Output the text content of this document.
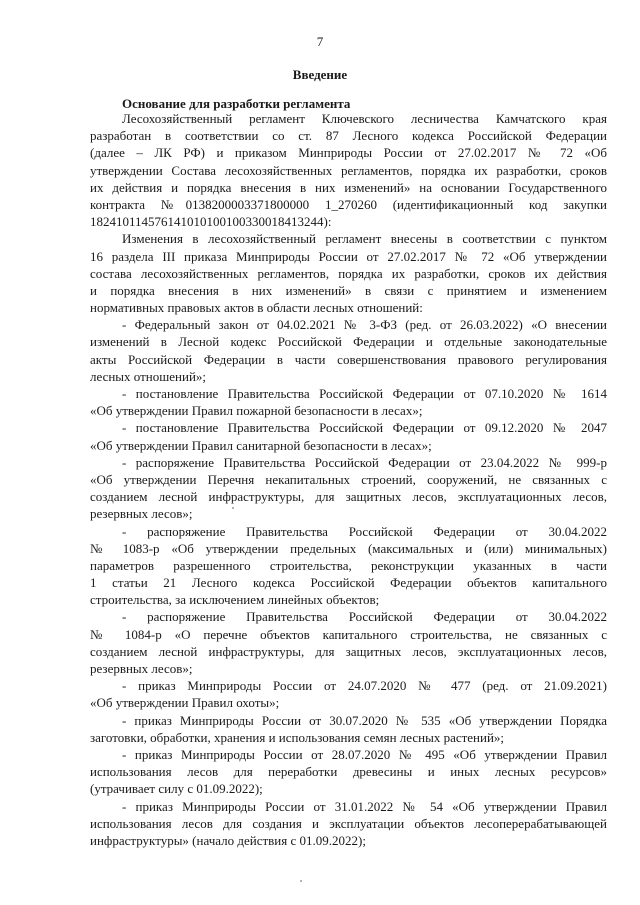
7
Введение
Основание для разработки регламента
Лесохозяйственный регламент Ключевского лесничества Камчатского края
разработан в соответствии со ст. 87 Лесного кодекса Российской Федерации
(далее – ЛК РФ) и приказом Минприроды России от 27.02.2017 № 72 «Об
утверждении Состава лесохозяйственных регламентов, порядка их разработки, сроков
их действия и порядка внесения в них изменений» на основании Государственного
контракта №0138200003371800000 1_270260 (идентификационный код закупки
182410114576141010100100330018413244):
Изменения в лесохозяйственный регламент внесены в соответствии с пунктом
16 раздела III приказа Минприроды России от 27.02.2017 № 72 «Об утверждении
состава лесохозяйственных регламентов, порядка их разработки, сроков их действия
и порядка внесения в них изменений» в связи с принятием и изменением
нормативных правовых актов в области лесных отношений:
- Федеральный закон от 04.02.2021 № 3-ФЗ (ред. от 26.03.2022) «О внесении
изменений в Лесной кодекс Российской Федерации и отдельные законодательные
акты Российской Федерации в части совершенствования правового регулирования
лесных отношений»;
- постановление Правительства Российской Федерации от 07.10.2020 № 1614
«Об утверждении Правил пожарной безопасности в лесах»;
- постановление Правительства Российской Федерации от 09.12.2020 № 2047
«Об утверждении Правил санитарной безопасности в лесах»;
- распоряжение Правительства Российской Федерации от 23.04.2022 № 999-р
«Об утверждении Перечня некапитальных строений, сооружений, не связанных с
созданием лесной инфраструктуры, для защитных лесов, эксплуатационных лесов,
резервных лесов»;
- распоряжение Правительства Российской Федерации от 30.04.2022
№ 1083-р «Об утверждении предельных (максимальных и (или) минимальных)
параметров разрешенного строительства, реконструкции указанных в части
1 статьи 21 Лесного кодекса Российской Федерации объектов капитального
строительства, за исключением линейных объектов;
- распоряжение Правительства Российской Федерации от 30.04.2022
№ 1084-р «О перечне объектов капитального строительства, не связанных с
созданием лесной инфраструктуры, для защитных лесов, эксплуатационных лесов,
резервных лесов»;
- приказ Минприроды России от 24.07.2020 № 477 (ред. от 21.09.2021)
«Об утверждении Правил охоты»;
- приказ Минприроды России от 30.07.2020 № 535 «Об утверждении Порядка
заготовки, обработки, хранения и использования семян лесных растений»;
- приказ Минприроды России от 28.07.2020 № 495 «Об утверждении Правил
использования лесов для переработки древесины и иных лесных ресурсов»
(утрачивает силу с 01.09.2022);
- приказ Минприроды России от 31.01.2022 № 54 «Об утверждении Правил
использования лесов для создания и эксплуатации объектов лесоперерабатывающей
инфраструктуры» (начало действия с 01.09.2022);
